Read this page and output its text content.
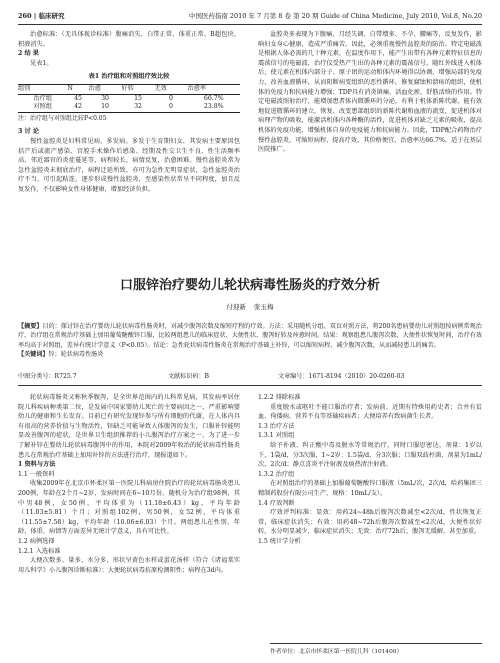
260 | 临床研究	中国医药指南 2010 年 7 月第 8 卷 第 20 期 Guide of China Medicine, July 2010, Vol.8, No.20

治愈标准：（无具体视诊标准）腹痛消失、白带正常、体重正常、B超包块、积液消失。

2 结 果

见表1。

表1 治疗组和对照组疗效比较
组别	N	治愈	好转	无效	治愈率
治疗组	45	30	15	0	66.7%
对照组	42	10	32	0	23.8%
注：治疗组与对照组比较P<0.05

3 讨 论

慢性盆腔炎是妇科常见病、多发病。多发于生育期妇女，其发病主要原因包括产后或流产感染、宫腔手术操作后感染、经期及性交卫生不良、性生活频率高、邻近器官的炎症蔓延等，病程较长，病情反复，治愈困难。慢性盆腔炎常为急性盆腔炎未彻底治疗，病程迁延所致，亦可为急性无明显症状，急性盆腔炎治疗不当，可引起粘连，逐步形成慢性盆腔炎，至感染性状常呈不同程度，加且反复发作，不仅影响女性身体健康，增加经济负担。

盆腔炎多表现为下腹痛、月经失调、白带增多、不孕、腰痛等，反复发作，影响妇女身心健康，造成严重痛苦。因此，必须重视慢性盆腔炎的防治。特定电磁波是根据人体必需的几十种元素，在温度作用下，能产生出带有各种元素特征信息的震荡信号的电磁波，治疗仪受热产生出的各种元素的震荡信号，随红外线进入机体后，使元素在机体内部分子、原子团的运动和体内环境得以协调，增强局部的免疫力，改善血液循环，从而阻断病变组织的恶性循环，修复腐蚀和溃疡的组织，使机体的免疫力和抗病能力增强；TDP具有消炎镇痛、活血化瘀、舒筋活络的作用。特定电磁波照射治疗，能增加患者体内微循环的分泌，有利于机体新陈代谢，能有效地促进微循环的建立，恢复、改变患部组织的新陈代谢和血液的流变，促进机体对病理产物的吸收，能激活机体内各种酶的活性，促进机体对缺乏元素的吸收，提高机体的免疫功能，增强机体自身的免疫能力和抗病能力。因此，TDP配合药物治疗慢性盆腔炎，可缩短病程、提高疗效，其价格便宜，治愈率达66.7%，适于在基层医院推广。

口服锌治疗婴幼儿轮状病毒性肠炎的疗效分析
付迎新 张玉梅

【摘要】目的：探讨锌在治疗婴幼儿轮状病毒性肠炎时，对减少腹泻次数及缩短疗程的疗效。方法：采用随机分组、双盲对照方法，将200名患病婴幼儿对照组按病例常规治疗，治疗组在常规治疗基础上加用葡萄糖酸锌口服，比较两组患儿的临床症状、大便性状、腹泻好转及痊愈时间。结果：观察组患儿腹泻次数、大便性状恢复时间，治疗有效率均高于对照组，差异有统计学意义（P<0.05）。结论：急性轮状病毒性肠炎在常规治疗基础上补锌，可以缩短病程，减少腹泻次数，从而减轻患儿的痛苦。

【关键词】锌；轮状病毒性肠炎

中图分类号：R725.7	文献标识码：B	文章编号：1671-8194（2010）20-0260-03

轮状病毒肠炎又称秋季腹泻，是全世界范围内的儿科常见病，其发病率居住院儿科疾病种类第二位，是发展中国家婴幼儿死亡的主要病因之一，严重影响婴幼儿的健康和生长发育。目前已有研究发现锌参与所有细胞的代谢，在人体内具有很高的营养价值与生物活性，锌缺乏可能导致人体腹泻的发生，口服补锌能明显改善腹泻的症状，是世界卫生组织推荐的小儿腹泻治疗方案之一，为了进一步了解补锌在婴幼儿轮状病毒腹泻中的作用，本院对2009年收治的轮状病毒性肠炎患儿在常规治疗基础上加用补锌的方法进行治疗，现报道如下。

1 资料与方法

1.1 一般资料

收集2009年在北京市怀柔区第一医院儿科病房住院治疗的轮状病毒肠炎患儿200例，年龄在2个月~2岁，发病时间在6~10月份。随机分为治疗组98例，其中男48例，女50例，平均体重为（11.18±6.43）kg，平均年龄（11.03±5.81）个月；对照组102例，男50例，女52例，平均体重（11.55±7.58）kg，平均年龄（10.06±6.03）个月。两组患儿在性别、年龄、体重、病情等方面差异无统计学意义，具有可比性。

1.2 病例选择

1.2.1 入选标准

大便次数多、量多、水分多，形状呈黄色水样或蛋花汤样（符合《诸福棠实用儿科学》小儿腹泻诊断标准）；大便轮状病毒抗原检测阳性；病程在3d内。

1.2.2 排除标准

重度脱水或呕吐不能口服治疗者；发病前、近期有特殊用药史者；合并有贫血、佝偻病、营养不良等基础疾病者；大便培养有致病菌生长者。

1.3 治疗方法

1.3.1 对照组

给予补液、纠正酸中毒及脱水等常规治疗，同时口服思密达，剂量：1岁以下，1袋/d，分3次服，1~2岁：1.5袋/d，分3次服；口服双歧杆菌，剂量为1mL/次，2次/d；静点喜炎平注射液及痰热清注射液。

1.3.2 治疗组

在对照组治疗的基础上加服葡萄糖酸锌口服液（5mL/次，2次/d，哈药集团三精制药股份有限公司生产，规格：10mL/支）。

1.4 疗效判断

疗效评判标准：显效：用药24~48h后腹泻次数减至<2次/d，性状恢复正常，临床症状消失；有效：用药48~72h后腹泻次数减至<2次/d，大便性状好转，水分明显减少，临床症状消失；无效：治疗72h后，腹泻无缓解，甚至加重。

1.5 统计学分析

作者单位：北京市怀柔区第一医院儿科（101400）
